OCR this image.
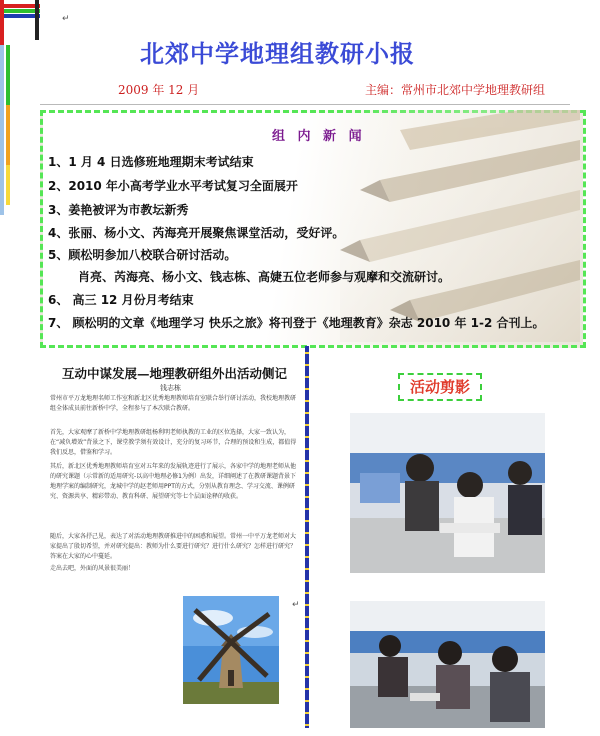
↵
↵
北郊中学地理组教研小报
2009 年 12 月	主编：常州市北郊中学地理教研组
组 内 新 闻
1、1 月 4 日选修班地理期末考试结束
2、2010 年小高考学业水平考试复习全面展开
3、姜艳被评为市教坛新秀
4、张丽、杨小文、芮海亮开展聚焦课堂活动，受好评。
5、顾松明参加八校联合研讨活动。
肖亮、芮海亮、杨小文、钱志栋、高婕五位老师参与观摩和交流研讨。
6、 高三 12 月份月考结束
7、 顾松明的文章《地理学习 快乐之旅》将刊登于《地理教育》杂志 2010 年 1-2 合刊上。
互动中谋发展—地理教研组外出活动侧记
钱志栋
常州市平万龙地理名师工作室和新北区优秀地理教师培育室联合举行研讨活动，我校地理教研组全体成员前往新桥中学，全程参与了本次联合教研。
首先，大家观摩了新桥中学地理教研组杨利明老师执教的工业的区位选择，大家一致认为，在“减负增效”背景之下，课堂教学须有效设计，充分的复习环节，合理的预设和生成，都值得我们反思，借鉴和学习。
其后，新北区优秀地理教师培育室对五年来的发展轨迹进行了展示，各家中学的地理老师从他的研究课题（示常新的适用研究-以高中地理必修1为例）出发，详细阐述了在教研课题背景下地理学案的编制研究，龙城中学的赵老师用PPT的方式，分别从教育理念、学习交流、课例研究、资源共享、精彩带动、教育科研、展望研究等七个层面诠释的收获。
随后，大家各抒己见，表达了对活动地理教研推进中的困惑和展望。常州一中平万龙老师对大家提出了殷切希望，并对研究提出：教师为什么要进行研究？进行什么研究？怎样进行研究？答案在大家的心中蔓延。
走出去吧，外面的风景很美丽！
活动剪影
